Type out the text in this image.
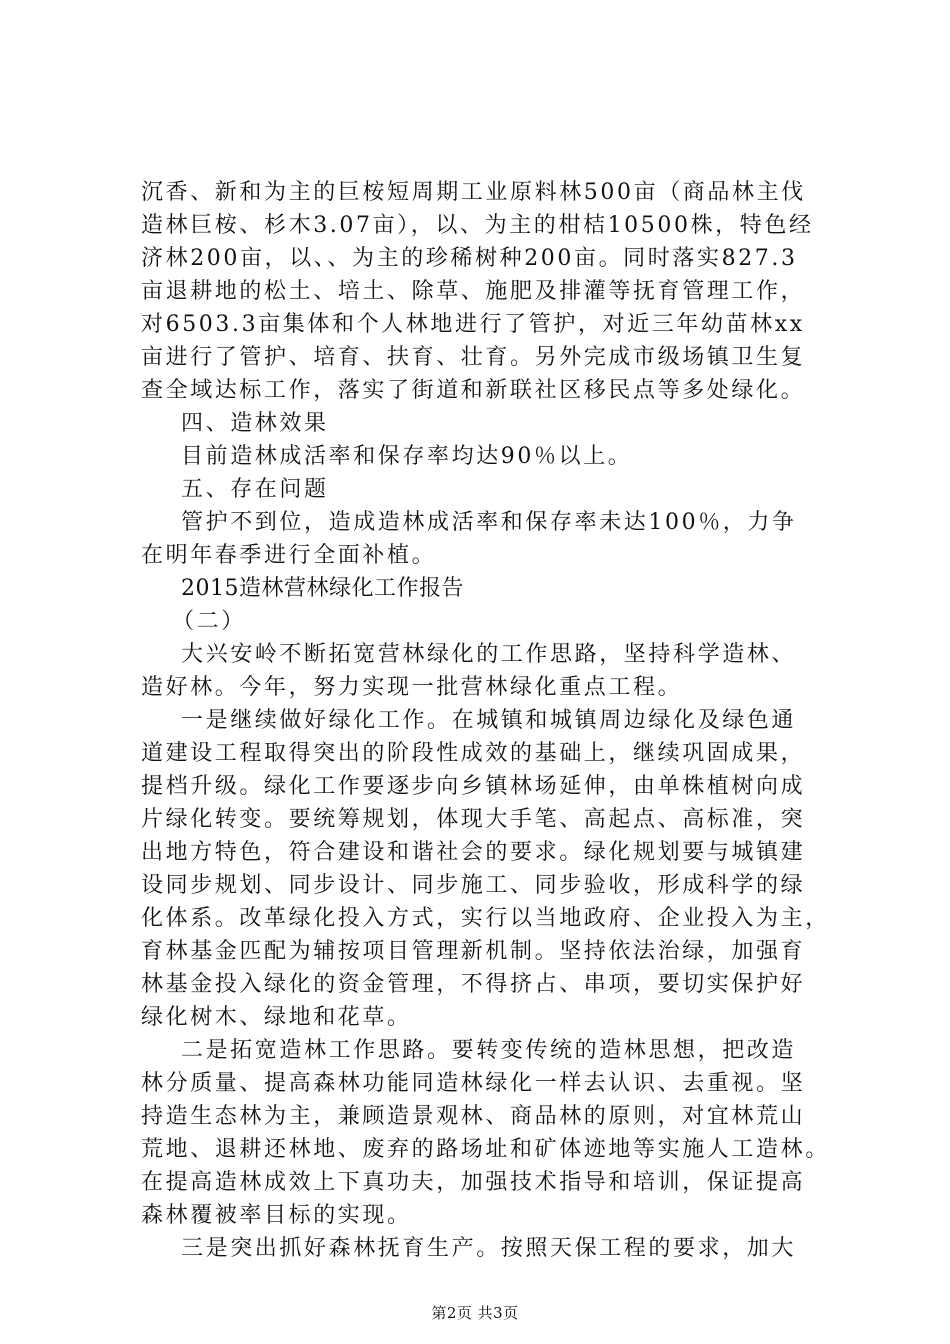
沉香、新和为主的巨桉短周期工业原料林500亩（商品林主伐
造林巨桉、杉木3.07亩），以、为主的柑桔10500株，特色经
济林200亩，以、、为主的珍稀树种200亩。同时落实827.3
亩退耕地的松土、培土、除草、施肥及排灌等抚育管理工作，
对6503.3亩集体和个人林地进行了管护，对近三年幼苗林xx
亩进行了管护、培育、扶育、壮育。另外完成市级场镇卫生复
查全域达标工作，落实了街道和新联社区移民点等多处绿化。
四、造林效果
目前造林成活率和保存率均达90％以上。
五、存在问题
管护不到位，造成造林成活率和保存率未达100％，力争
在明年春季进行全面补植。
2015造林营林绿化工作报告
（二）
大兴安岭不断拓宽营林绿化的工作思路，坚持科学造林、
造好林。今年，努力实现一批营林绿化重点工程。
一是继续做好绿化工作。在城镇和城镇周边绿化及绿色通
道建设工程取得突出的阶段性成效的基础上，继续巩固成果，
提档升级。绿化工作要逐步向乡镇林场延伸，由单株植树向成
片绿化转变。要统筹规划，体现大手笔、高起点、高标准，突
出地方特色，符合建设和谐社会的要求。绿化规划要与城镇建
设同步规划、同步设计、同步施工、同步验收，形成科学的绿
化体系。改革绿化投入方式，实行以当地政府、企业投入为主，
育林基金匹配为辅按项目管理新机制。坚持依法治绿，加强育
林基金投入绿化的资金管理，不得挤占、串项，要切实保护好
绿化树木、绿地和花草。
二是拓宽造林工作思路。要转变传统的造林思想，把改造
林分质量、提高森林功能同造林绿化一样去认识、去重视。坚
持造生态林为主，兼顾造景观林、商品林的原则，对宜林荒山
荒地、退耕还林地、废弃的路场址和矿体迹地等实施人工造林。
在提高造林成效上下真功夫，加强技术指导和培训，保证提高
森林覆被率目标的实现。
三是突出抓好森林抚育生产。按照天保工程的要求，加大
第2页 共3页
